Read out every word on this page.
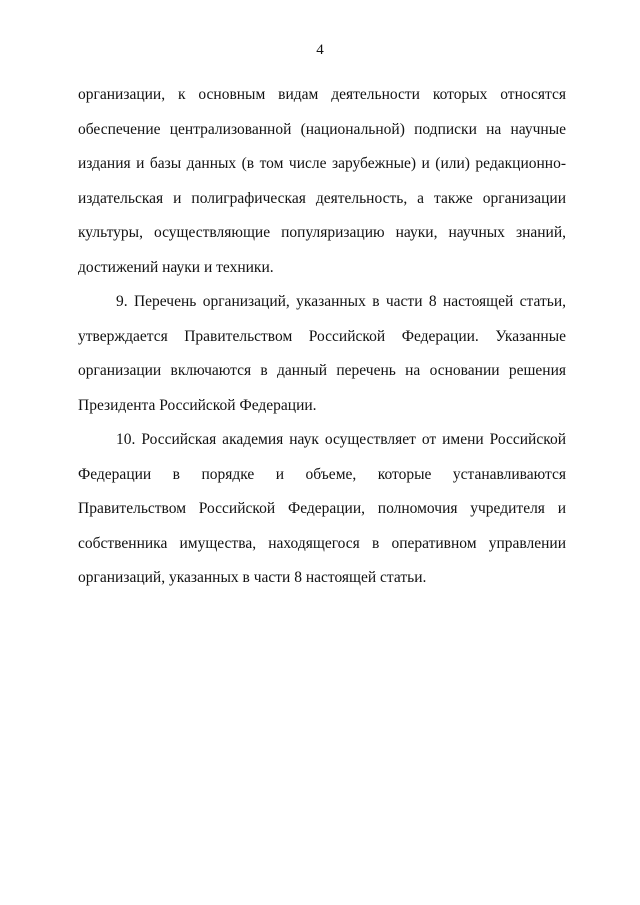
4

организации, к основным видам деятельности которых относятся обеспечение централизованной (национальной) подписки на научные издания и базы данных (в том числе зарубежные) и (или) редакционно-издательская и полиграфическая деятельность, а также организации культуры, осуществляющие популяризацию науки, научных знаний, достижений науки и техники.

9. Перечень организаций, указанных в части 8 настоящей статьи, утверждается Правительством Российской Федерации. Указанные организации включаются в данный перечень на основании решения Президента Российской Федерации.

10. Российская академия наук осуществляет от имени Российской Федерации в порядке и объеме, которые устанавливаются Правительством Российской Федерации, полномочия учредителя и собственника имущества, находящегося в оперативном управлении организаций, указанных в части 8 настоящей статьи.
